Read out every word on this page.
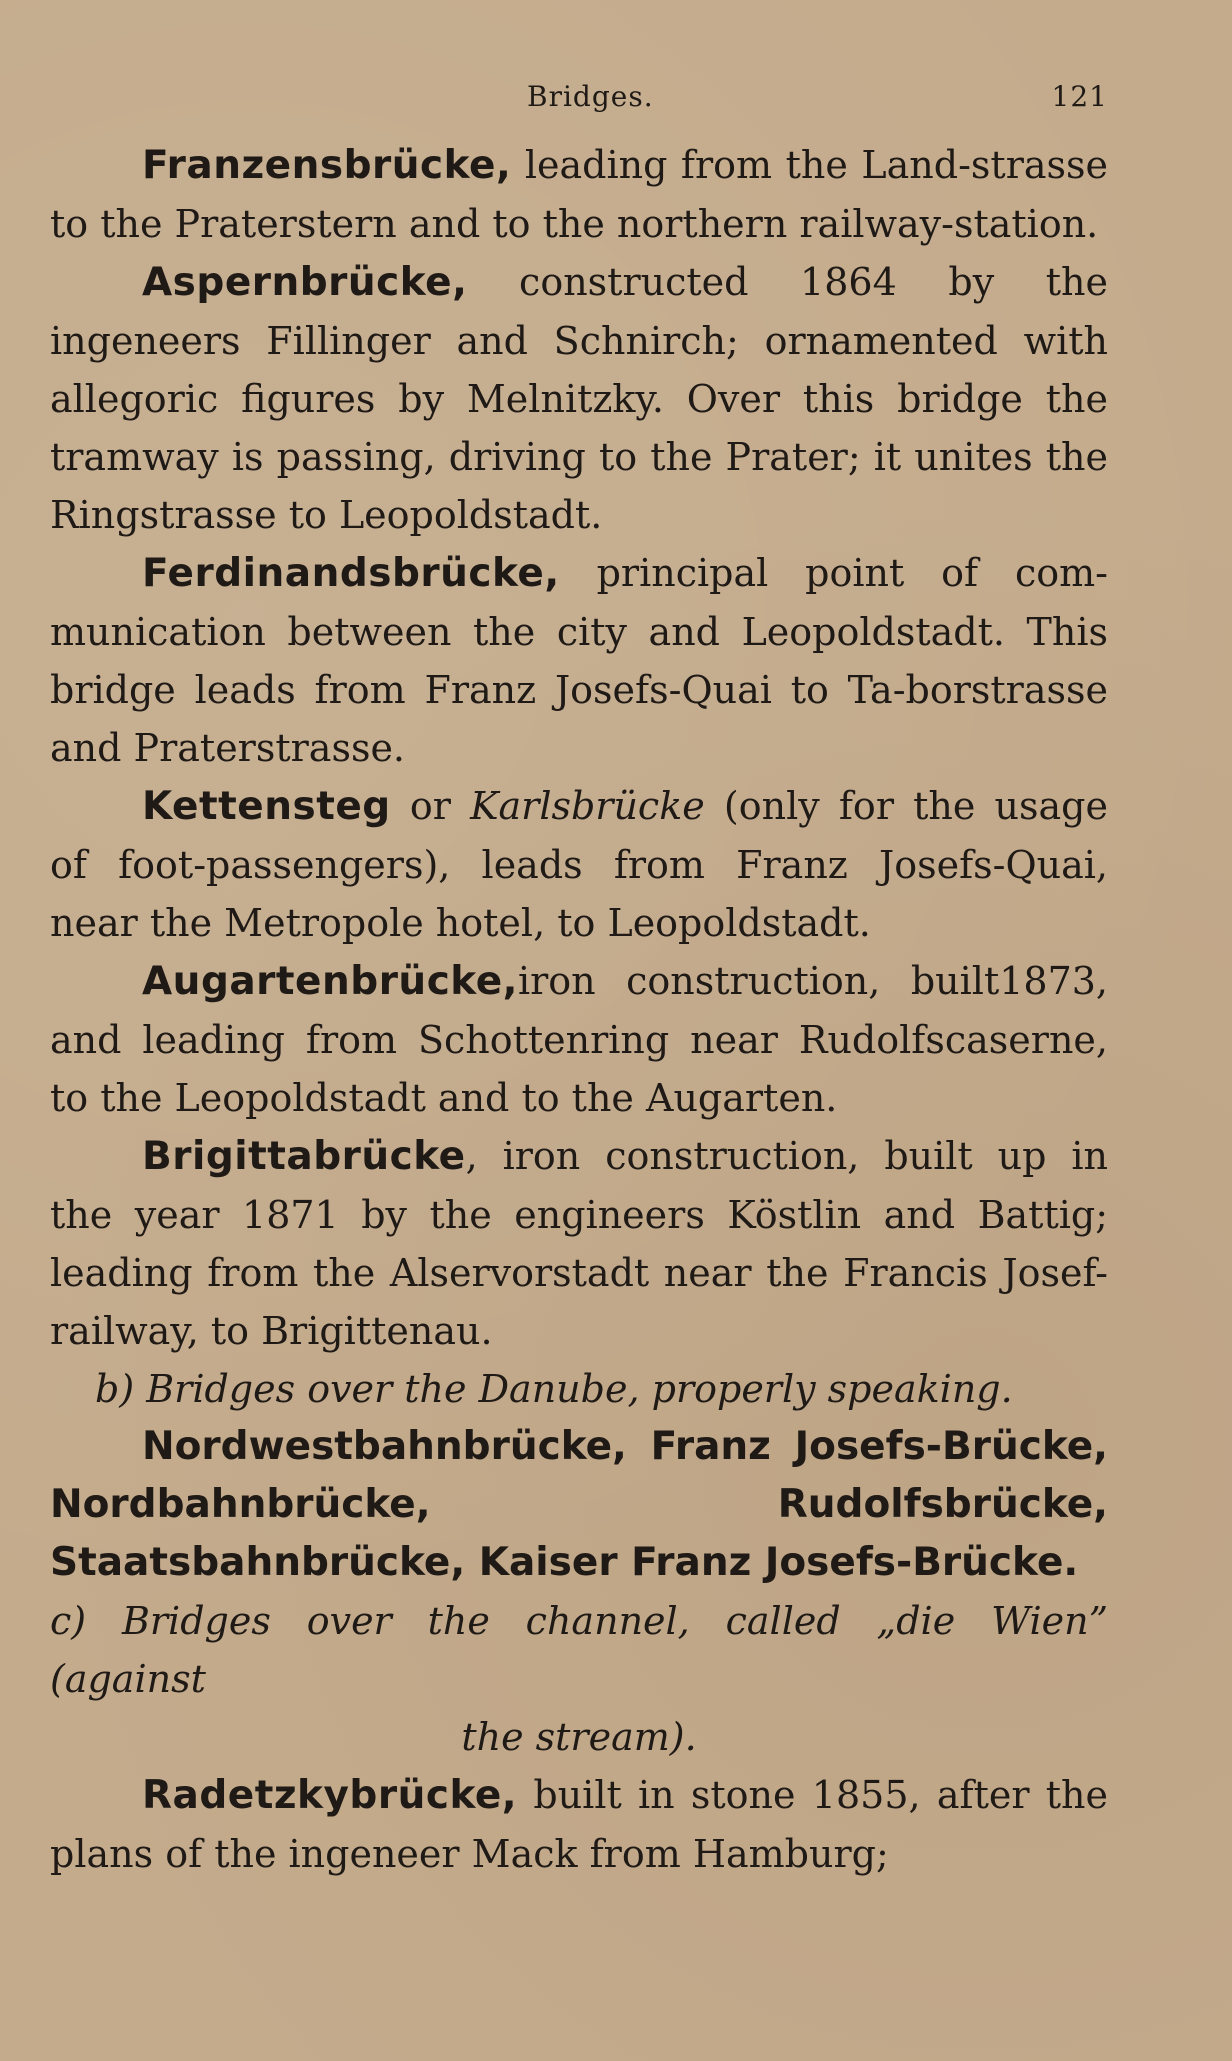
Bridges.	121

Franzensbrücke, leading from the Land-strasse to the Praterstern and to the northern railway-station.

Aspernbrücke, constructed 1864 by the ingeneers Fillinger and Schnirch; ornamented with allegoric figures by Melnitzky. Over this bridge the tramway is passing, driving to the Prater; it unites the Ringstrasse to Leopoldstadt.

Ferdinandsbrücke, principal point of com-munication between the city and Leopoldstadt. This bridge leads from Franz Josefs-Quai to Ta-borstrasse and Praterstrasse.

Kettensteg or Karlsbrücke (only for the usage of foot-passengers), leads from Franz Josefs-Quai, near the Metropole hotel, to Leopoldstadt.

Augartenbrücke,iron construction, built1873, and leading from Schottenring near Rudolfscaserne, to the Leopoldstadt and to the Augarten.

Brigittabrücke, iron construction, built up in the year 1871 by the engineers Köstlin and Battig; leading from the Alservorstadt near the Francis Josef-railway, to Brigittenau.

b) Bridges over the Danube, properly speaking.

Nordwestbahnbrücke, Franz Josefs-Brücke, Nordbahnbrücke, Rudolfsbrücke, Staatsbahnbrücke, Kaiser Franz Josefs-Brücke.

c) Bridges over the channel, called „die Wien” (against

the stream).

Radetzkybrücke, built in stone 1855, after the plans of the ingeneer Mack from Hamburg;
